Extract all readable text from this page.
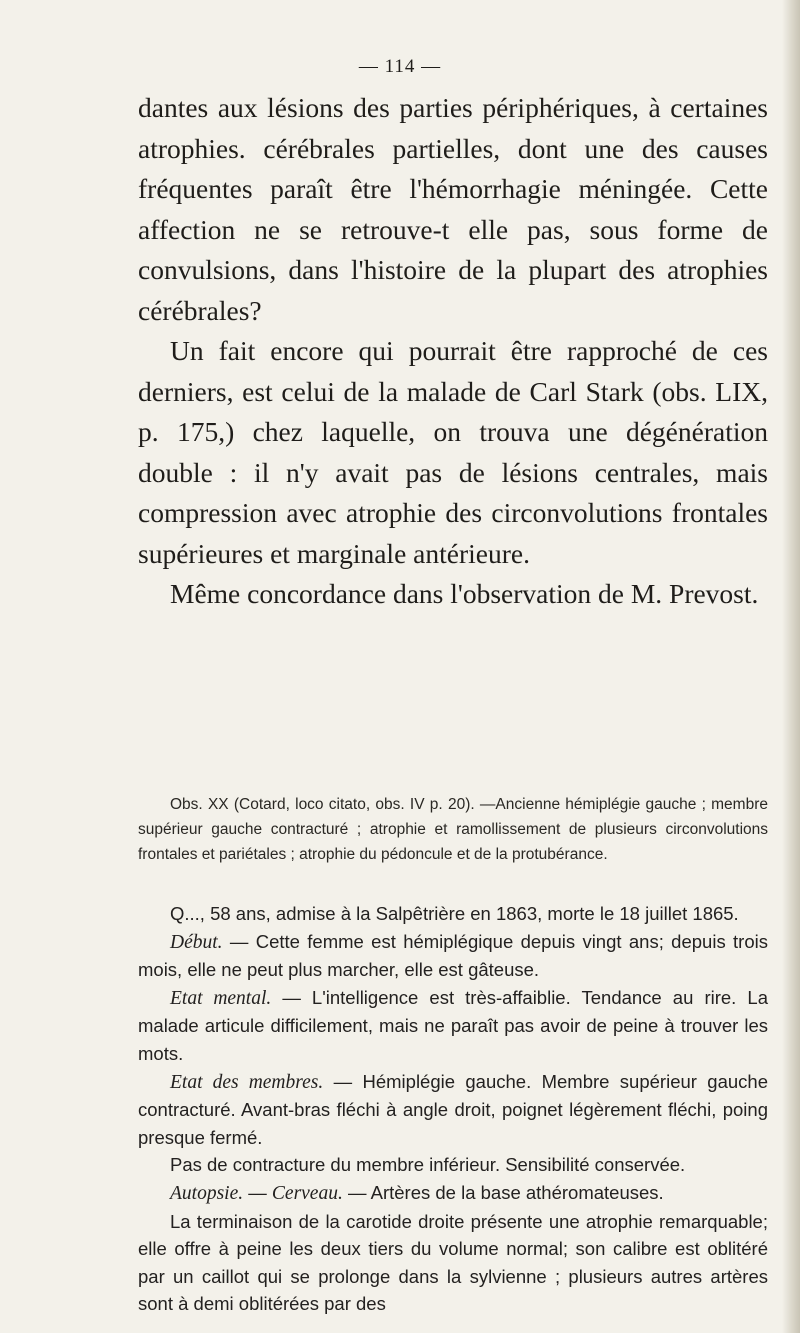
— 114 —

dantes aux lésions des parties périphériques, à certaines atrophies. cérébrales partielles, dont une des causes fréquentes paraît être l'hémorrhagie méningée. Cette affection ne se retrouve-t elle pas, sous forme de convulsions, dans l'histoire de la plupart des atrophies cérébrales?

Un fait encore qui pourrait être rapproché de ces derniers, est celui de la malade de Carl Stark (obs. LIX, p. 175,) chez laquelle, on trouva une dégénération double : il n'y avait pas de lésions centrales, mais compression avec atrophie des circonvolutions frontales supérieures et marginale antérieure.

Même concordance dans l'observation de M. Prevost.

Obs. XX (Cotard, loco citato, obs. IV p. 20). —Ancienne hémiplégie gauche ; membre supérieur gauche contracturé ; atrophie et ramollissement de plusieurs circonvolutions frontales et pariétales ; atrophie du pédoncule et de la protubérance.

Q..., 58 ans, admise à la Salpêtrière en 1863, morte le 18 juillet 1865.

Début. — Cette femme est hémiplégique depuis vingt ans; depuis trois mois, elle ne peut plus marcher, elle est gâteuse.

Etat mental. — L'intelligence est très-affaiblie. Tendance au rire. La malade articule difficilement, mais ne paraît pas avoir de peine à trouver les mots.

Etat des membres. — Hémiplégie gauche. Membre supérieur gauche contracturé. Avant-bras fléchi à angle droit, poignet légèrement fléchi, poing presque fermé.

Pas de contracture du membre inférieur. Sensibilité conservée.

Autopsie. — Cerveau. — Artères de la base athéromateuses.

La terminaison de la carotide droite présente une atrophie remarquable; elle offre à peine les deux tiers du volume normal; son calibre est oblitéré par un caillot qui se prolonge dans la sylvienne ; plusieurs autres artères sont à demi oblitérées par des
